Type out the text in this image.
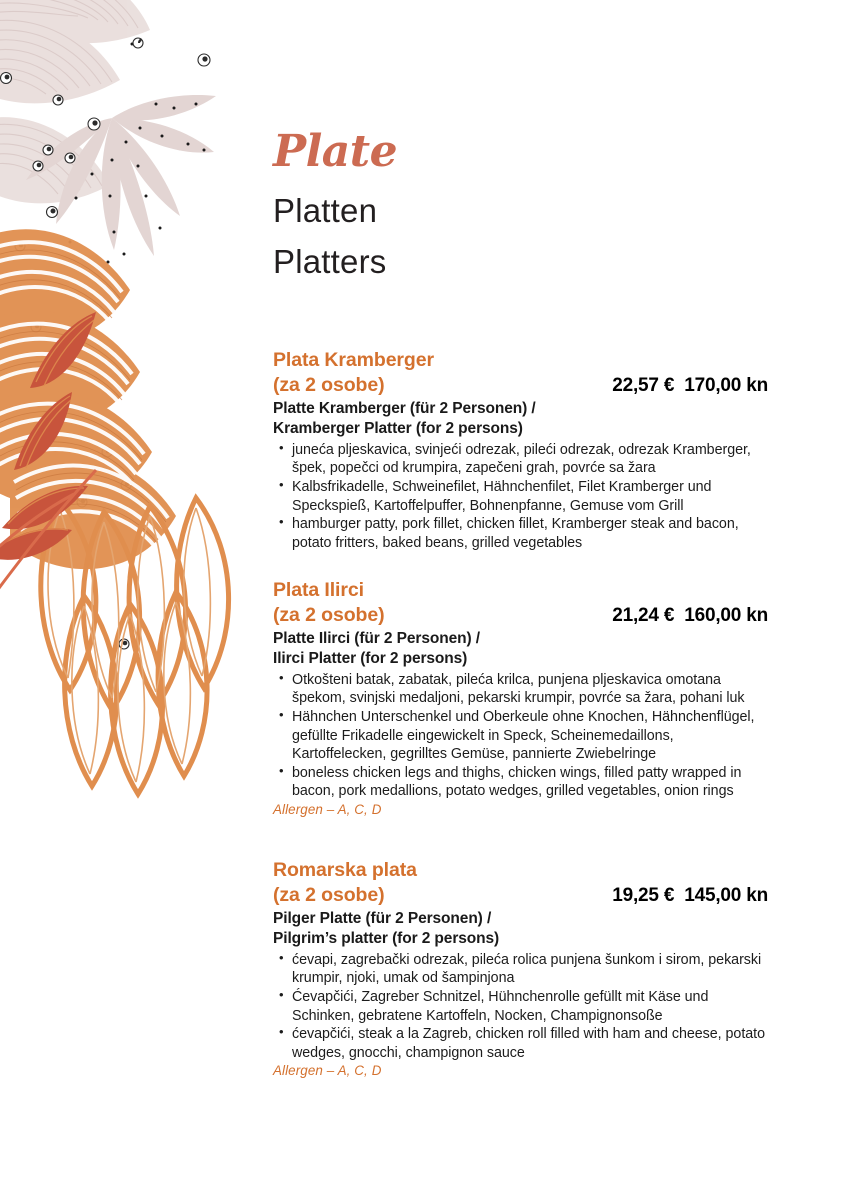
Plate
Platten
Platters
Plata Kramberger
(za 2 osobe)	22,57 € 170,00 kn
Platte Kramberger (für 2 Personen) /
Kramberger Platter (for 2 persons)
• juneća pljeskavica, svinjeći odrezak, pileći odrezak, odrezak Kramberger, špek, popečci od krumpira, zapečeni grah, povrće sa žara
• Kalbsfrikadelle, Schweinefilet, Hähnchenfilet, Filet Kramberger und Speckspieß, Kartoffelpuffer, Bohnenpfanne, Gemuse vom Grill
• hamburger patty, pork fillet, chicken fillet, Kramberger steak and bacon, potato fritters, baked beans, grilled vegetables
Plata Ilirci
(za 2 osobe)	21,24 € 160,00 kn
Platte Ilirci (für 2 Personen) /
Ilirci Platter (for 2 persons)
• Otkošteni batak, zabatak, pileća krilca, punjena pljeskavica omotana špekom, svinjski medaljoni, pekarski krumpir, povrće sa žara, pohani luk
• Hähnchen Unterschenkel und Oberkeule ohne Knochen, Hähnchenflügel, gefüllte Frikadelle eingewickelt in Speck, Scheinemedaillons, Kartoffelecken, gegrilltes Gemüse, pannierte Zwiebelringe
• boneless chicken legs and thighs, chicken wings, filled patty wrapped in bacon, pork medallions, potato wedges, grilled vegetables, onion rings
Allergen – A, C, D
Romarska plata
(za 2 osobe)	19,25 € 145,00 kn
Pilger Platte (für 2 Personen) /
Pilgrim’s platter (for 2 persons)
• ćevapi, zagrebački odrezak, pileća rolica punjena šunkom i sirom, pekarski krumpir, njoki, umak od šampinjona
• Ćevapčići, Zagreber Schnitzel, Hühnchenrolle gefüllt mit Käse und Schinken, gebratene Kartoffeln, Nocken, Champignonsoße
• ćevapčići, steak a la Zagreb, chicken roll filled with ham and cheese, potato wedges, gnocchi, champignon sauce
Allergen – A, C, D
